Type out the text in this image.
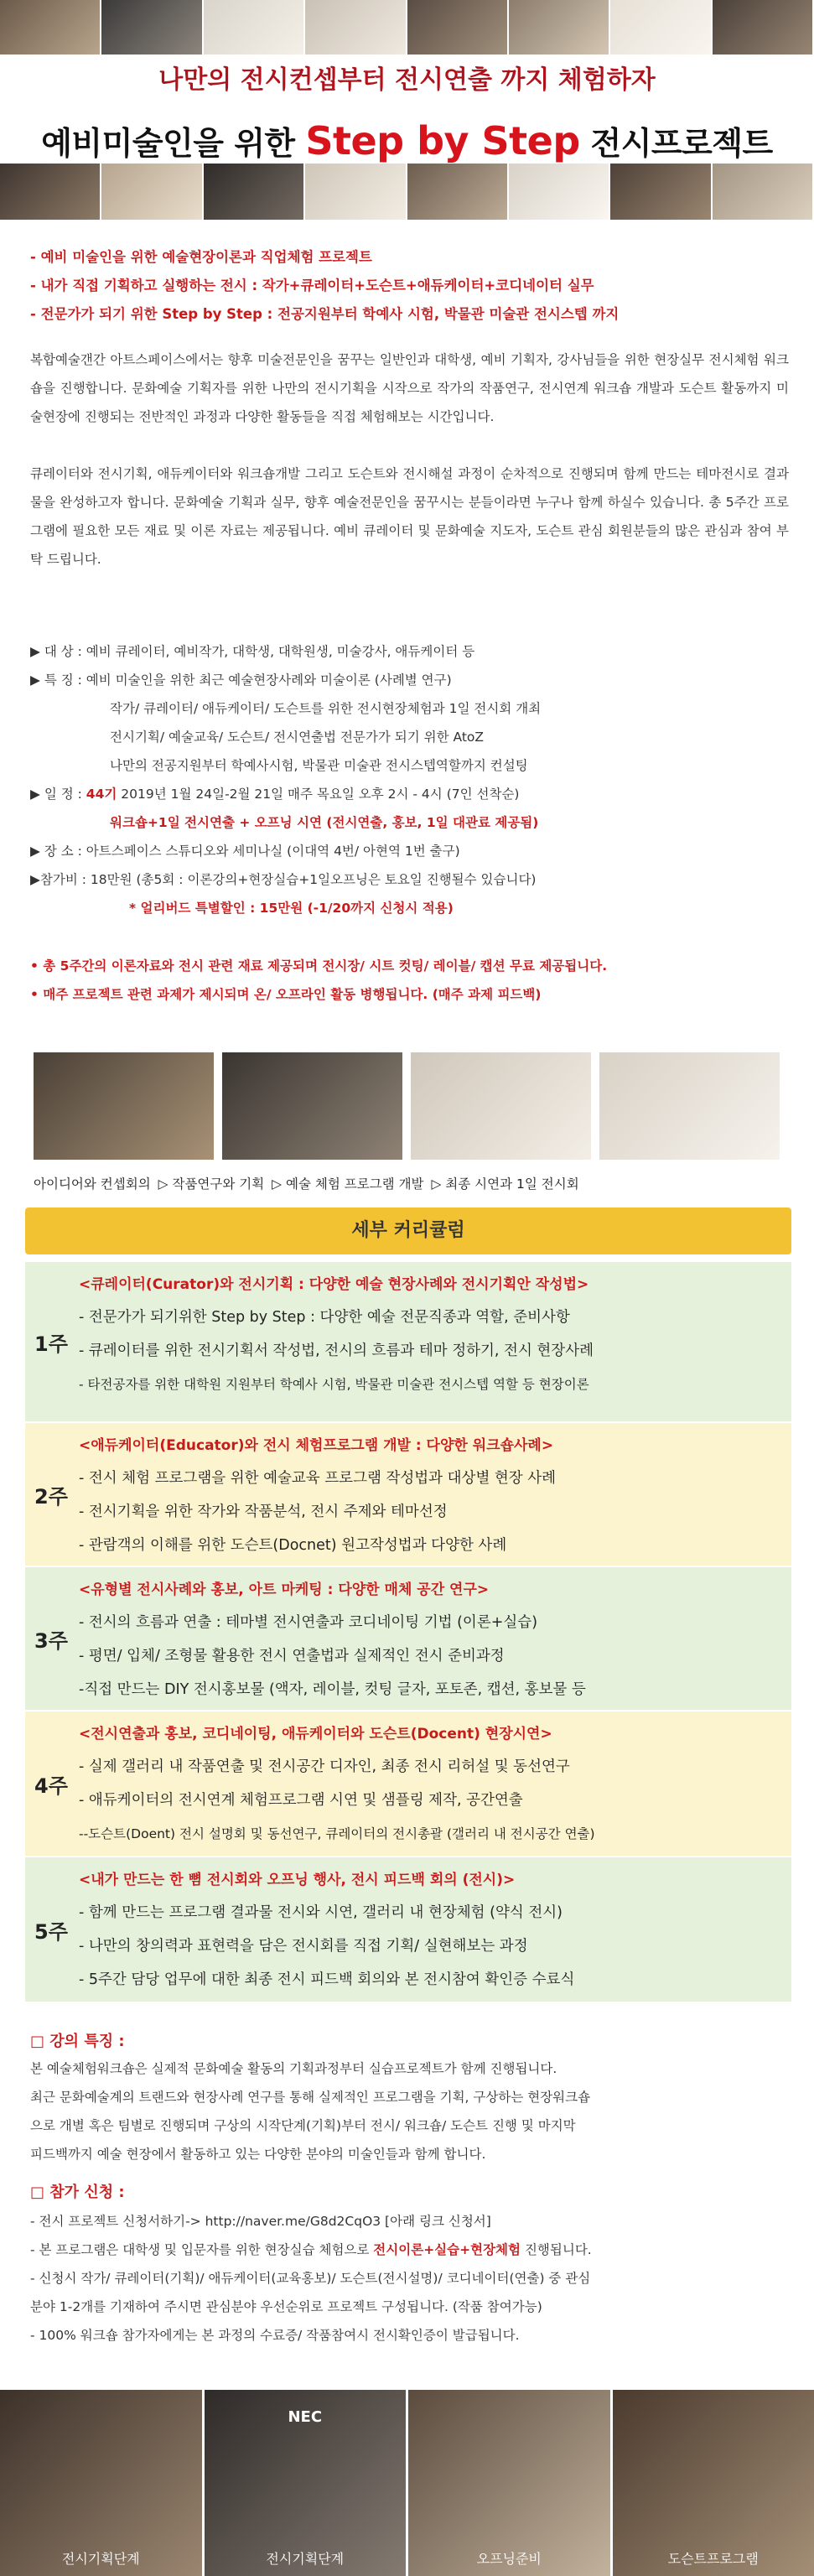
나만의 전시컨셉부터 전시연출 까지 체험하자
예비미술인을 위한 Step by Step 전시프로젝트
- 예비 미술인을 위한 예술현장이론과 직업체험 프로젝트
- 내가 직접 기획하고 실행하는 전시 : 작가+큐레이터+도슨트+애듀케이터+코디네이터 실무
- 전문가가 되기 위한 Step by Step : 전공지원부터 학예사 시험, 박물관 미술관 전시스텝 까지
복합예술갠간 아트스페이스에서는 향후 미술전문인을 꿈꾸는 일반인과 대학생, 예비 기획자, 강사님들을 위한 현장실무 전시체험 워크숍을 진행합니다. 문화예술 기획자를 위한 나만의 전시기획을 시작으로 작가의 작품연구, 전시연계 워크숍 개발과 도슨트 활동까지 미술현장에 진행되는 전반적인 과정과 다양한 활동들을 직접 체험해보는 시간입니다.
큐레이터와 전시기획, 애듀케이터와 워크숍개발 그리고 도슨트와 전시해설 과정이 순차적으로 진행되며 함께 만드는 테마전시로 결과물을 완성하고자 합니다. 문화예술 기획과 실무, 향후 예술전문인을 꿈꾸시는 분들이라면 누구나 함께 하실수 있습니다. 총 5주간 프로그램에 필요한 모든 재료 및 이론 자료는 제공됩니다. 예비 큐레이터 및 문화예술 지도자, 도슨트 관심 회원분들의 많은 관심과 참여 부탁 드립니다.
▶ 대 상 : 예비 큐레이터, 예비작가, 대학생, 대학원생, 미술강사, 애듀케이터 등
▶ 특 징 : 예비 미술인을 위한 최근 예술현장사례와 미술이론 (사례별 연구)
작가/ 큐레이터/ 애듀케이터/ 도슨트를 위한 전시현장체험과 1일 전시회 개최
전시기획/ 예술교육/ 도슨트/ 전시연출법 전문가가 되기 위한 AtoZ
나만의 전공지원부터 학예사시험, 박물관 미술관 전시스텝역할까지 컨설팅
▶ 일 정 : 44기 2019년 1월 24일-2월 21일 매주 목요일 오후 2시 - 4시 (7인 선착순)
워크숍+1일 전시연출 + 오프닝 시연 (전시연출, 홍보, 1일 대관료 제공됨)
▶ 장 소 : 아트스페이스 스튜디오와 세미나실 (이대역 4번/ 아현역 1번 출구)
▶참가비 : 18만원 (총5회 : 이론강의+현장실습+1일오프닝은 토요일 진행될수 있습니다)
* 얼리버드 특별할인 : 15만원 (-1/20까지 신청시 적용)
• 총 5주간의 이론자료와 전시 관련 재료 제공되며 전시장/ 시트 컷팅/ 레이블/ 캡션 무료 제공됩니다.
• 매주 프로젝트 관련 과제가 제시되며 온/ 오프라인 활동 병행됩니다. (매주 과제 피드백)
아이디어와 컨셉회의 ▷ 작품연구와 기획 ▷ 예술 체험 프로그램 개발 ▷ 최종 시연과 1일 전시회
세부 커리큘럼
1주
<큐레이터(Curator)와 전시기획 : 다양한 예술 현장사례와 전시기획안 작성법>
- 전문가가 되기위한 Step by Step : 다양한 예술 전문직종과 역할, 준비사항
- 큐레이터를 위한 전시기획서 작성법, 전시의 흐름과 테마 정하기, 전시 현장사례
- 타전공자를 위한 대학원 지원부터 학예사 시험, 박물관 미술관 전시스텝 역할 등 현장이론
2주
<애듀케이터(Educator)와 전시 체험프로그램 개발 : 다양한 워크숍사례>
- 전시 체험 프로그램을 위한 예술교육 프로그램 작성법과 대상별 현장 사례
- 전시기획을 위한 작가와 작품분석, 전시 주제와 테마선정
- 관람객의 이해를 위한 도슨트(Docnet) 원고작성법과 다양한 사례
3주
<유형별 전시사례와 홍보, 아트 마케팅 : 다양한 매체 공간 연구>
- 전시의 흐름과 연출 : 테마별 전시연출과 코디네이팅 기법 (이론+실습)
- 평면/ 입체/ 조형물 활용한 전시 연출법과 실제적인 전시 준비과정
-직접 만드는 DIY 전시홍보물 (액자, 레이블, 컷팅 글자, 포토존, 캡션, 홍보물 등
4주
<전시연출과 홍보, 코디네이팅, 애듀케이터와 도슨트(Docent) 현장시연>
- 실제 갤러리 내 작품연출 및 전시공간 디자인, 최종 전시 리허설 및 동선연구
- 애듀케이터의 전시연계 체험프로그램 시연 및 샘플링 제작, 공간연출
--도슨트(Doent) 전시 설명회 및 동선연구, 큐레이터의 전시총괄 (갤러리 내 전시공간 연출)
5주
<내가 만드는 한 뼘 전시회와 오프닝 행사, 전시 피드백 회의 (전시)>
- 함께 만드는 프로그램 결과물 전시와 시연, 갤러리 내 현장체험 (약식 전시)
- 나만의 창의력과 표현력을 담은 전시회를 직접 기획/ 실현해보는 과정
- 5주간 담당 업무에 대한 최종 전시 피드백 회의와 본 전시참여 확인증 수료식
□ 강의 특징 :
본 예술체험워크숍은 실제적 문화예술 활동의 기획과정부터 실습프로젝트가 함께 진행됩니다.
최근 문화예술계의 트랜드와 현장사례 연구를 통해 실제적인 프로그램을 기획, 구상하는 현장워크숍
으로 개별 혹은 팀별로 진행되며 구상의 시작단계(기획)부터 전시/ 워크숍/ 도슨트 진행 및 마지막
피드백까지 예술 현장에서 활동하고 있는 다양한 분야의 미술인들과 함께 합니다.
□ 참가 신청 :
- 전시 프로젝트 신청서하기-> http://naver.me/G8d2CqO3 [아래 링크 신청서]
- 본 프로그램은 대학생 및 입문자를 위한 현장실습 체험으로 전시이론+실습+현장체험 진행됩니다.
- 신청시 작가/ 큐레이터(기획)/ 애듀케이터(교육홍보)/ 도슨트(전시설명)/ 코디네이터(연출) 중 관심
분야 1-2개를 기재하여 주시면 관심분야 우선순위로 프로젝트 구성됩니다. (작품 참여가능)
- 100% 워크숍 참가자에게는 본 과정의 수료증/ 작품참여시 전시확인증이 발급됩니다.
전시기획단계
NEC
전시기획단계	오프닝준비	도슨트프로그램
